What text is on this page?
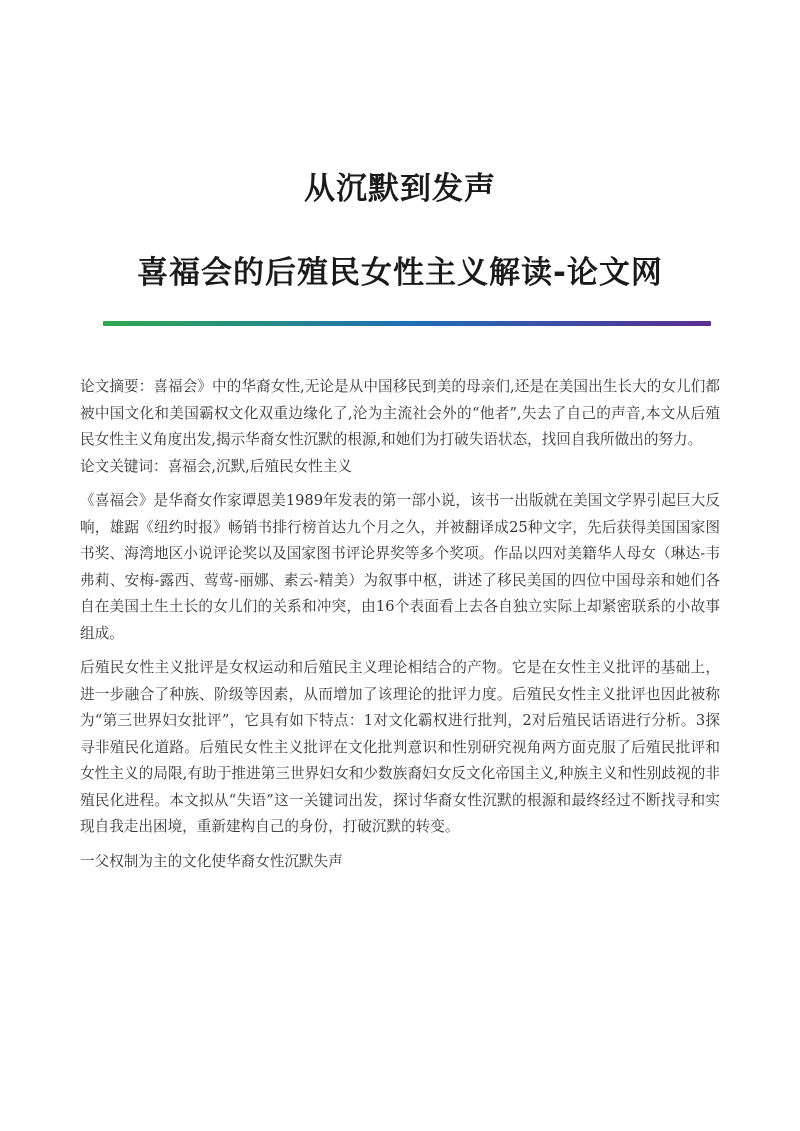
从沉默到发声
喜福会的后殖民女性主义解读-论文网

论文摘要：喜福会》中的华裔女性,无论是从中国移民到美的母亲们,还是在美国出生长大的女儿们都被中国文化和美国霸权文化双重边缘化了,沦为主流社会外的“他者”,失去了自己的声音,本文从后殖民女性主义角度出发,揭示华裔女性沉默的根源,和她们为打破失语状态，找回自我所做出的努力。

论文关键词：喜福会,沉默,后殖民女性主义

《喜福会》是华裔女作家谭恩美1989年发表的第一部小说，该书一出版就在美国文学界引起巨大反响，雄踞《纽约时报》畅销书排行榜首达九个月之久，并被翻译成25种文字，先后获得美国国家图书奖、海湾地区小说评论奖以及国家图书评论界奖等多个奖项。作品以四对美籍华人母女（琳达-韦弗莉、安梅-露西、莺莺-丽娜、素云-精美）为叙事中枢，讲述了移民美国的四位中国母亲和她们各自在美国土生土长的女儿们的关系和冲突，由16个表面看上去各自独立实际上却紧密联系的小故事组成。

后殖民女性主义批评是女权运动和后殖民主义理论相结合的产物。它是在女性主义批评的基础上，进一步融合了种族、阶级等因素，从而增加了该理论的批评力度。后殖民女性主义批评也因此被称为“第三世界妇女批评”，它具有如下特点：1对文化霸权进行批判，2对后殖民话语进行分析。3探寻非殖民化道路。后殖民女性主义批评在文化批判意识和性别研究视角两方面克服了后殖民批评和女性主义的局限,有助于推进第三世界妇女和少数族裔妇女反文化帝国主义,种族主义和性别歧视的非殖民化进程。本文拟从“失语”这一关键词出发，探讨华裔女性沉默的根源和最终经过不断找寻和实现自我走出困境，重新建构自己的身份，打破沉默的转变。

一父权制为主的文化使华裔女性沉默失声
